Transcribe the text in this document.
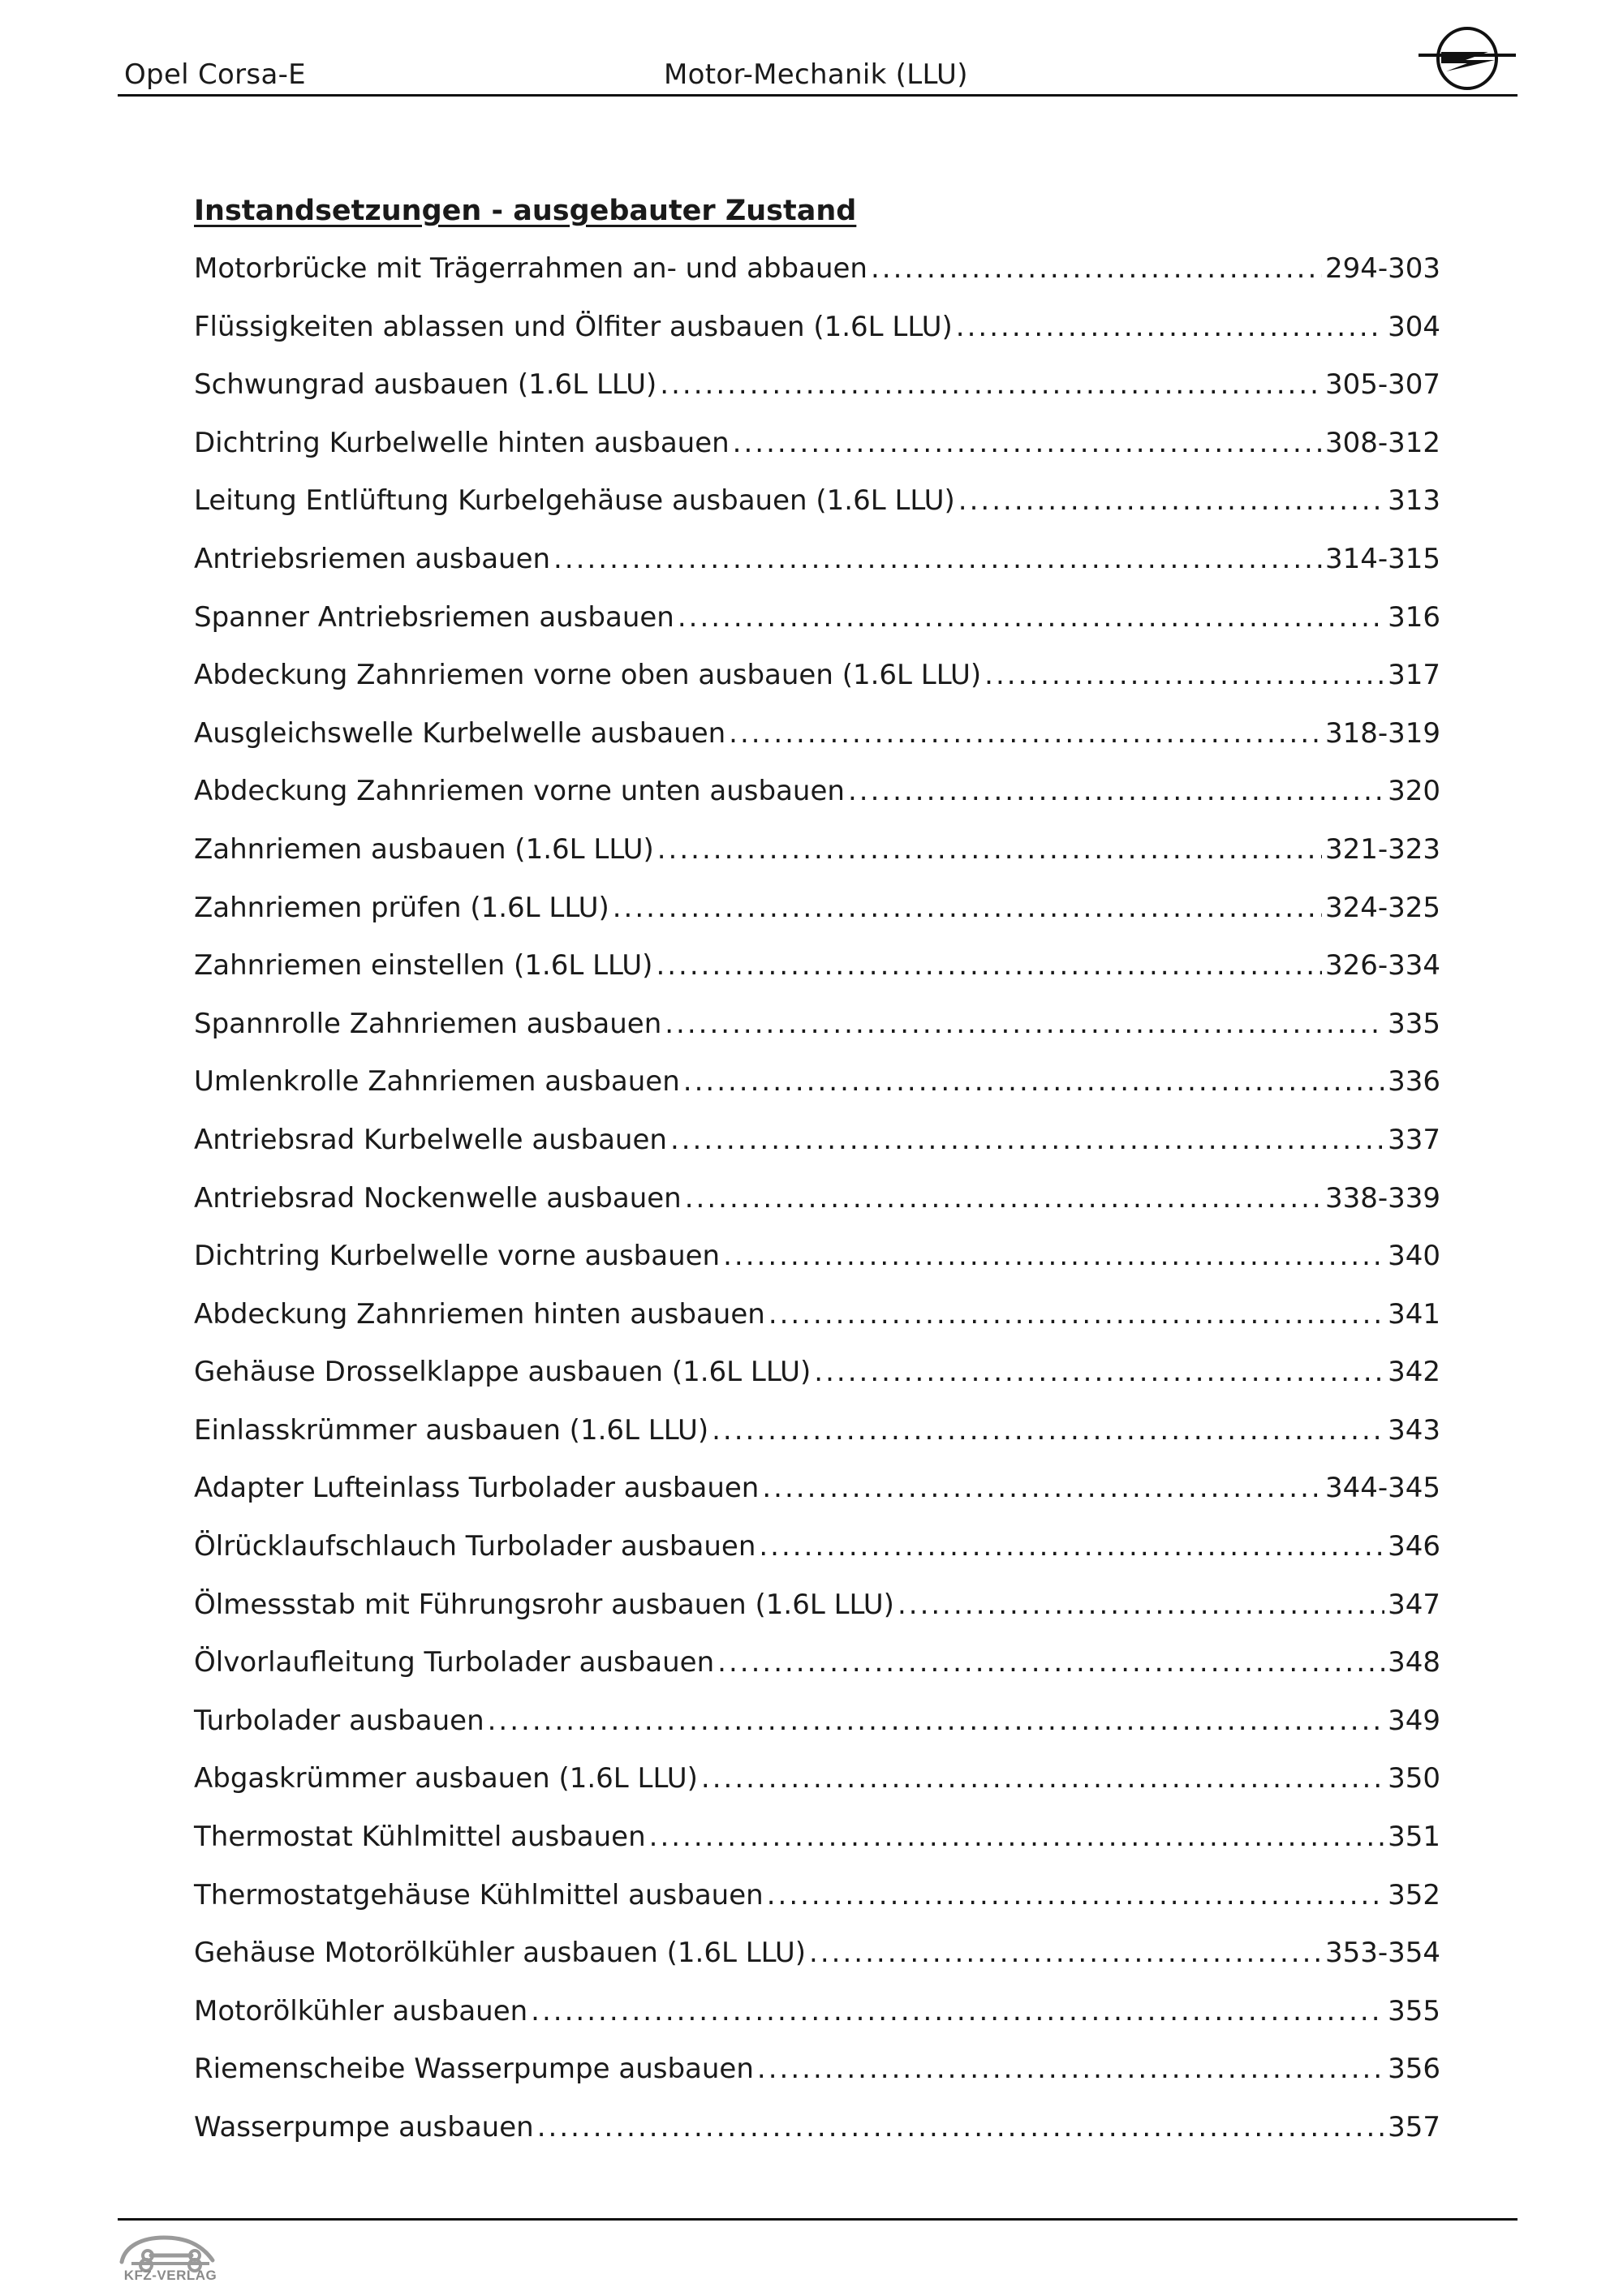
Opel Corsa-E	Motor-Mechanik (LLU)
Instandsetzungen - ausgebauter Zustand
Motorbrücke mit Trägerrahmen an- und abbauen .....	294-303
Flüssigkeiten ablassen und Ölfiter ausbauen (1.6L LLU) .....	304
Schwungrad ausbauen (1.6L LLU) .....	305-307
Dichtring Kurbelwelle hinten ausbauen .....	308-312
Leitung Entlüftung Kurbelgehäuse ausbauen (1.6L LLU) .....	313
Antriebsriemen ausbauen .....	314-315
Spanner Antriebsriemen ausbauen .....	316
Abdeckung Zahnriemen vorne oben ausbauen (1.6L LLU) .....	317
Ausgleichswelle Kurbelwelle ausbauen .....	318-319
Abdeckung Zahnriemen vorne unten ausbauen .....	320
Zahnriemen ausbauen (1.6L LLU) .....	321-323
Zahnriemen prüfen (1.6L LLU) .....	324-325
Zahnriemen einstellen (1.6L LLU) .....	326-334
Spannrolle Zahnriemen ausbauen .....	335
Umlenkrolle Zahnriemen ausbauen .....	336
Antriebsrad Kurbelwelle ausbauen .....	337
Antriebsrad Nockenwelle ausbauen .....	338-339
Dichtring Kurbelwelle vorne ausbauen .....	340
Abdeckung Zahnriemen hinten ausbauen .....	341
Gehäuse Drosselklappe ausbauen (1.6L LLU) .....	342
Einlasskrümmer ausbauen (1.6L LLU) .....	343
Adapter Lufteinlass Turbolader ausbauen .....	344-345
Ölrücklaufschlauch Turbolader ausbauen .....	346
Ölmessstab mit Führungsrohr ausbauen (1.6L LLU) .....	347
Ölvorlaufleitung Turbolader ausbauen .....	348
Turbolader ausbauen .....	349
Abgaskrümmer ausbauen (1.6L LLU) .....	350
Thermostat Kühlmittel ausbauen .....	351
Thermostatgehäuse Kühlmittel ausbauen .....	352
Gehäuse Motorölkühler ausbauen (1.6L LLU) .....	353-354
Motorölkühler ausbauen .....	355
Riemenscheibe Wasserpumpe ausbauen .....	356
Wasserpumpe ausbauen .....	357
KFZ-VERLAG
